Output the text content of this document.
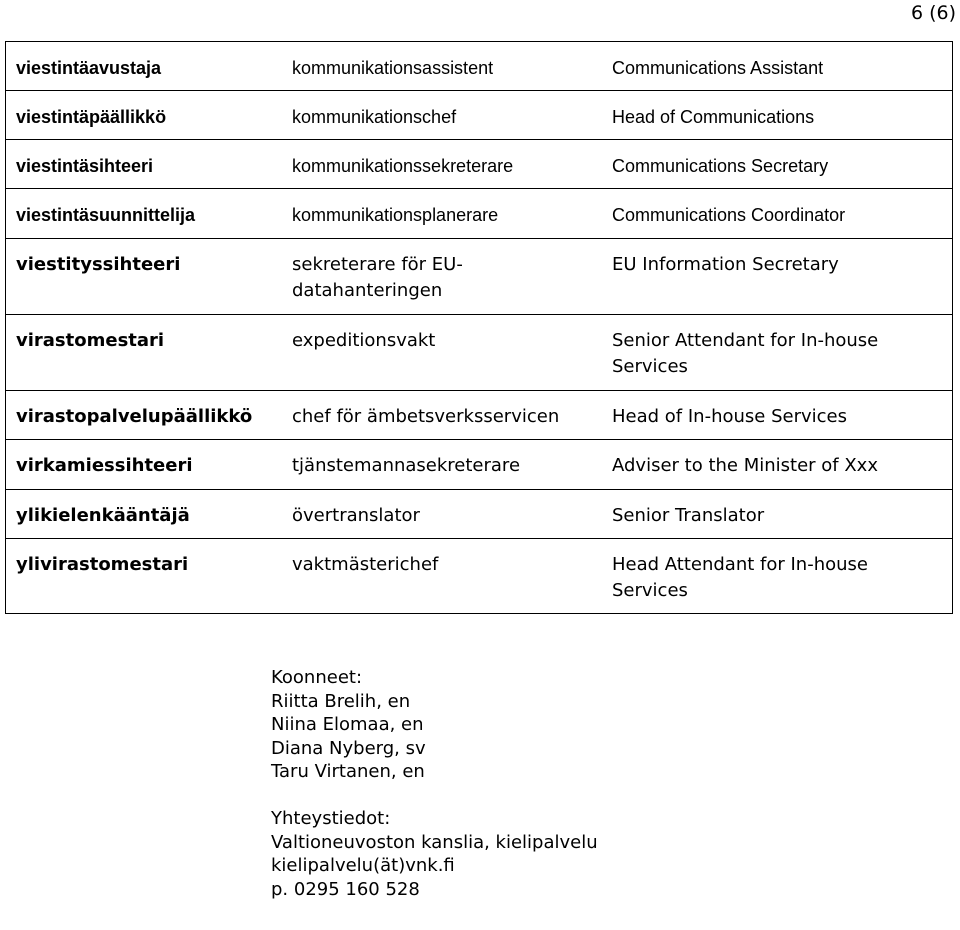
6 (6)
viestintäavustaja	kommunikationsassistent	Communications Assistant
viestintäpäällikkö	kommunikationschef	Head of Communications
viestintäsihteeri	kommunikationssekreterare	Communications Secretary
viestintäsuunnittelija	kommunikationsplanerare	Communications Coordinator
viestityssihteeri	sekreterare för EU-datahanteringen	EU Information Secretary
virastomestari	expeditionsvakt	Senior Attendant for In-house Services
virastopalvelupäällikkö	chef för ämbetsverksservicen	Head of In-house Services
virkamiessihteeri	tjänstemannasekreterare	Adviser to the Minister of Xxx
ylikielenkääntäjä	övertranslator	Senior Translator
ylivirastomestari	vaktmästerichef	Head Attendant for In-house Services
Koonneet:
Riitta Brelih, en
Niina Elomaa, en
Diana Nyberg, sv
Taru Virtanen, en
Yhteystiedot:
Valtioneuvoston kanslia, kielipalvelu
kielipalvelu(ät)vnk.fi
p. 0295 160 528
